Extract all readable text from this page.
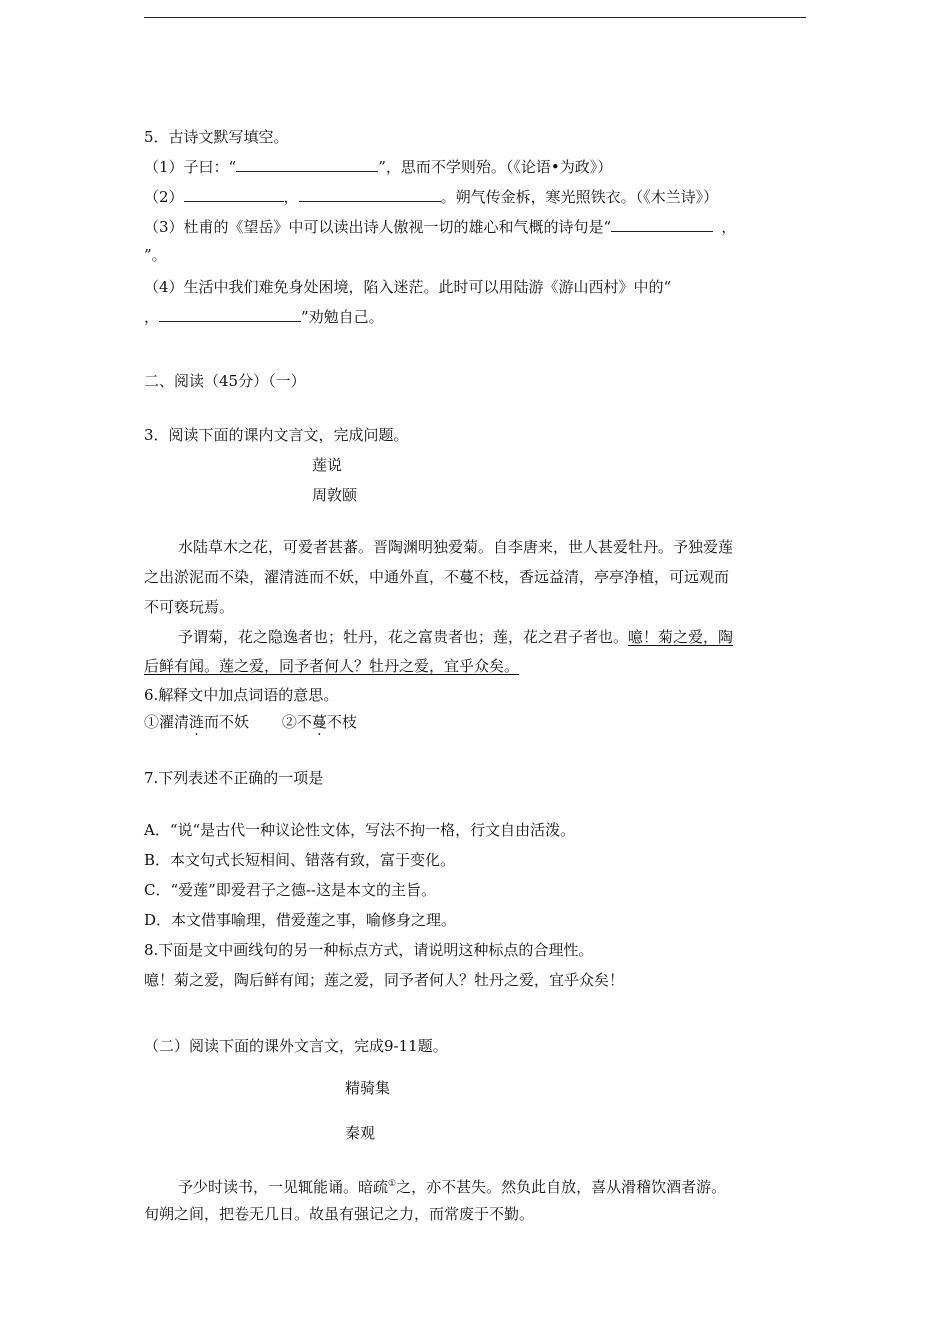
5．古诗文默写填空。
（1）子曰：“	”，思而不学则殆。（《论语•为政》）
（2）	，	。朔气传金柝，寒光照铁衣。（《木兰诗》）
（3）杜甫的《望岳》中可以读出诗人傲视一切的雄心和气概的诗句是“	，
”。
（4）生活中我们难免身处困境，陷入迷茫。此时可以用陆游《游山西村》中的“
，	”劝勉自己。
二、阅读（45分）（一）
3．阅读下面的课内文言文，完成问题。
莲说
周敦颐
水陆草木之花，可爱者甚蕃。晋陶渊明独爱菊。自李唐来，世人甚爱牡丹。予独爱莲
之出淤泥而不染，濯清涟而不妖，中通外直，不蔓不枝，香远益清，亭亭净植，可远观而
不可亵玩焉。
予谓菊，花之隐逸者也；牡丹，花之富贵者也；莲，花之君子者也。噫！菊之爱，陶
后鲜有闻。莲之爱，同予者何人？牡丹之爱，宜乎众矣。
6.解释文中加点词语的意思。
①濯清涟而不妖 ②不蔓不枝
7.下列表述不正确的一项是
A．“说“是古代一种议论性文体，写法不拘一格，行文自由活泼。
B．本文句式长短相间、错落有致，富于变化。
C．“爱莲”即爱君子之德--这是本文的主旨。
D．本文借事喻理，借爱莲之事，喻修身之理。
8.下面是文中画线句的另一种标点方式，请说明这种标点的合理性。
噫！菊之爱，陶后鲜有闻；莲之爱，同予者何人？牡丹之爱，宜乎众矣！
（二）阅读下面的课外文言文，完成9-11题。
精骑集
秦观
予少时读书，一见辄能诵。暗疏①之，亦不甚失。然负此自放，喜从滑稽饮酒者游。
旬朔之间，把卷无几日。故虽有强记之力，而常废于不勤。
